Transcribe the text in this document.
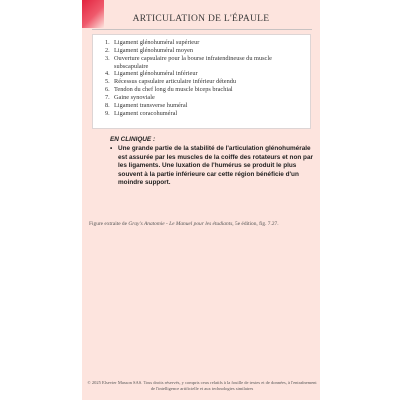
ARTICULATION DE L'ÉPAULE
1. Ligament glénohuméral supérieur
2. Ligament glénohuméral moyen
3. Ouverture capsulaire pour la bourse infratendineuse du muscle subscapulaire
4. Ligament glénohuméral inférieur
5. Récessus capsulaire articulaire inférieur détendu
6. Tendon du chef long du muscle biceps brachial
7. Gaine synoviale
8. Ligament transverse huméral
9. Ligament coracohuméral
EN CLINIQUE :
• Une grande partie de la stabilité de l'articulation glénohumérale est assurée par les muscles de la coiffe des rotateurs et non par les ligaments. Une luxation de l'humérus se produit le plus souvent à la partie inférieure car cette région bénéficie d'un moindre support.
Figure extraite de Gray's Anatomie - Le Manuel pour les étudiants, 5e édition, fig. 7.27.
© 2025 Elsevier Masson SAS. Tous droits réservés, y compris ceux relatifs à la fouille de textes et de données, à l'entraînement de l'intelligence artificielle et aux technologies similaires
